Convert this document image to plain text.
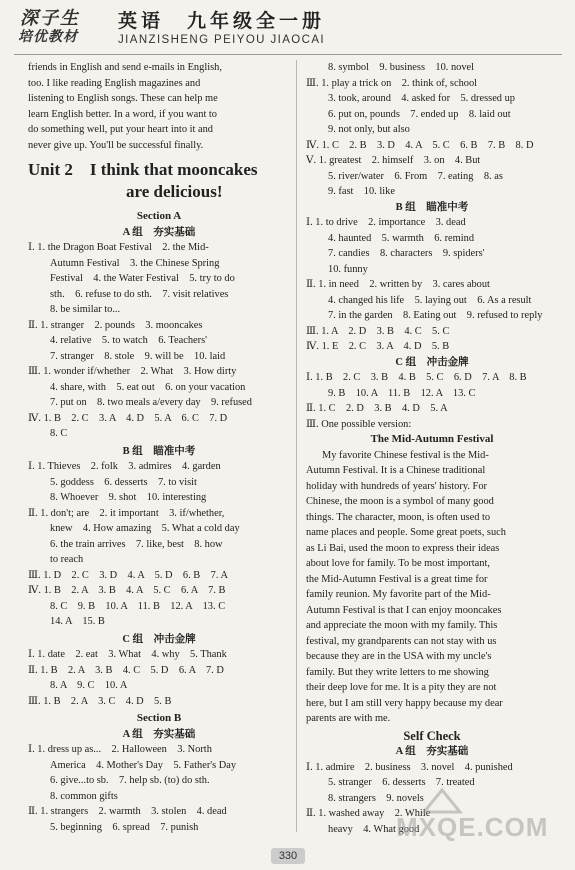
深子生
培优教材
英语　九年级全一册
JIANZISHENG PEIYOU JIAOCAI

friends in English and send e-mails in English,

too. I like reading English magazines and

listening to English songs. These can help me

learn English better. In a word, if you want to

do something well, put your heart into it and

never give up. You'll be successful finally.

Unit 2　I think that mooncakes
are delicious!

Section A

A 组　夯实基础

Ⅰ. 1. the Dragon Boat Festival　2. the Mid-

Autumn Festival　3. the Chinese Spring

Festival　4. the Water Festival　5. try to do

sth.　6. refuse to do sth.　7. visit relatives

8. be similar to...

Ⅱ. 1. stranger　2. pounds　3. mooncakes

4. relative　5. to watch　6. Teachers'

7. stranger　8. stole　9. will be　10. laid

Ⅲ. 1. wonder if/whether　2. What　3. How dirty

4. share, with　5. eat out　6. on your vacation

7. put on　8. two meals a/every day　9. refused

Ⅳ. 1. B　2. C　3. A　4. D　5. A　6. C　7. D

8. C

B 组　瞄准中考

Ⅰ. 1. Thieves　2. folk　3. admires　4. garden

5. goddess　6. desserts　7. to visit

8. Whoever　9. shot　10. interesting

Ⅱ. 1. don't; are　2. it important　3. if/whether,

knew　4. How amazing　5. What a cold day

6. the train arrives　7. like, best　8. how

to reach

Ⅲ. 1. D　2. C　3. D　4. A　5. D　6. B　7. A

Ⅳ. 1. B　2. A　3. B　4. A　5. C　6. A　7. B

8. C　9. B　10. A　11. B　12. A　13. C

14. A　15. B

C 组　冲击金牌

Ⅰ. 1. date　2. eat　3. What　4. why　5. Thank

Ⅱ. 1. B　2. A　3. B　4. C　5. D　6. A　7. D

8. A　9. C　10. A

Ⅲ. 1. B　2. A　3. C　4. D　5. B

Section B

A 组　夯实基础

Ⅰ. 1. dress up as...　2. Halloween　3. North

America　4. Mother's Day　5. Father's Day

6. give...to sb.　7. help sb. (to) do sth.

8. common gifts

Ⅱ. 1. strangers　2. warmth　3. stolen　4. dead

5. beginning　6. spread　7. punish

8. symbol　9. business　10. novel

Ⅲ. 1. play a trick on　2. think of, school

3. took, around　4. asked for　5. dressed up

6. put on, pounds　7. ended up　8. laid out

9. not only, but also

Ⅳ. 1. C　2. B　3. D　4. A　5. C　6. B　7. B　8. D

Ⅴ. 1. greatest　2. himself　3. on　4. But

5. river/water　6. From　7. eating　8. as

9. fast　10. like

B 组　瞄准中考

Ⅰ. 1. to drive　2. importance　3. dead

4. haunted　5. warmth　6. remind

7. candies　8. characters　9. spiders'

10. funny

Ⅱ. 1. in need　2. written by　3. cares about

4. changed his life　5. laying out　6. As a result

7. in the garden　8. Eating out　9. refused to reply

Ⅲ. 1. A　2. D　3. B　4. C　5. C

Ⅳ. 1. E　2. C　3. A　4. D　5. B

C 组　冲击金牌

Ⅰ. 1. B　2. C　3. B　4. B　5. C　6. D　7. A　8. B

9. B　10. A　11. B　12. A　13. C

Ⅱ. 1. C　2. D　3. B　4. D　5. A

Ⅲ. One possible version:

The Mid-Autumn Festival

My favorite Chinese festival is the Mid-

Autumn Festival. It is a Chinese traditional

holiday with hundreds of years' history. For

Chinese, the moon is a symbol of many good

things. The character, moon, is often used to

name places and people. Some great poets, such

as Li Bai, used the moon to express their ideas

about love for family. To be most important,

the Mid-Autumn Festival is a great time for

family reunion. My favorite part of the Mid-

Autumn Festival is that I can enjoy mooncakes

and appreciate the moon with my family. This

festival, my grandparents can not stay with us

because they are in the USA with my uncle's

family. But they write letters to me showing

their deep love for me. It is a pity they are not

here, but I am still very happy because my dear

parents are with me.

Self Check

A 组　夯实基础

Ⅰ. 1. admire　2. business　3. novel　4. punished

5. stranger　6. desserts　7. treated

8. strangers　9. novels

Ⅱ. 1. washed away　2. While

heavy　4. What good

MXQE.COM
330
